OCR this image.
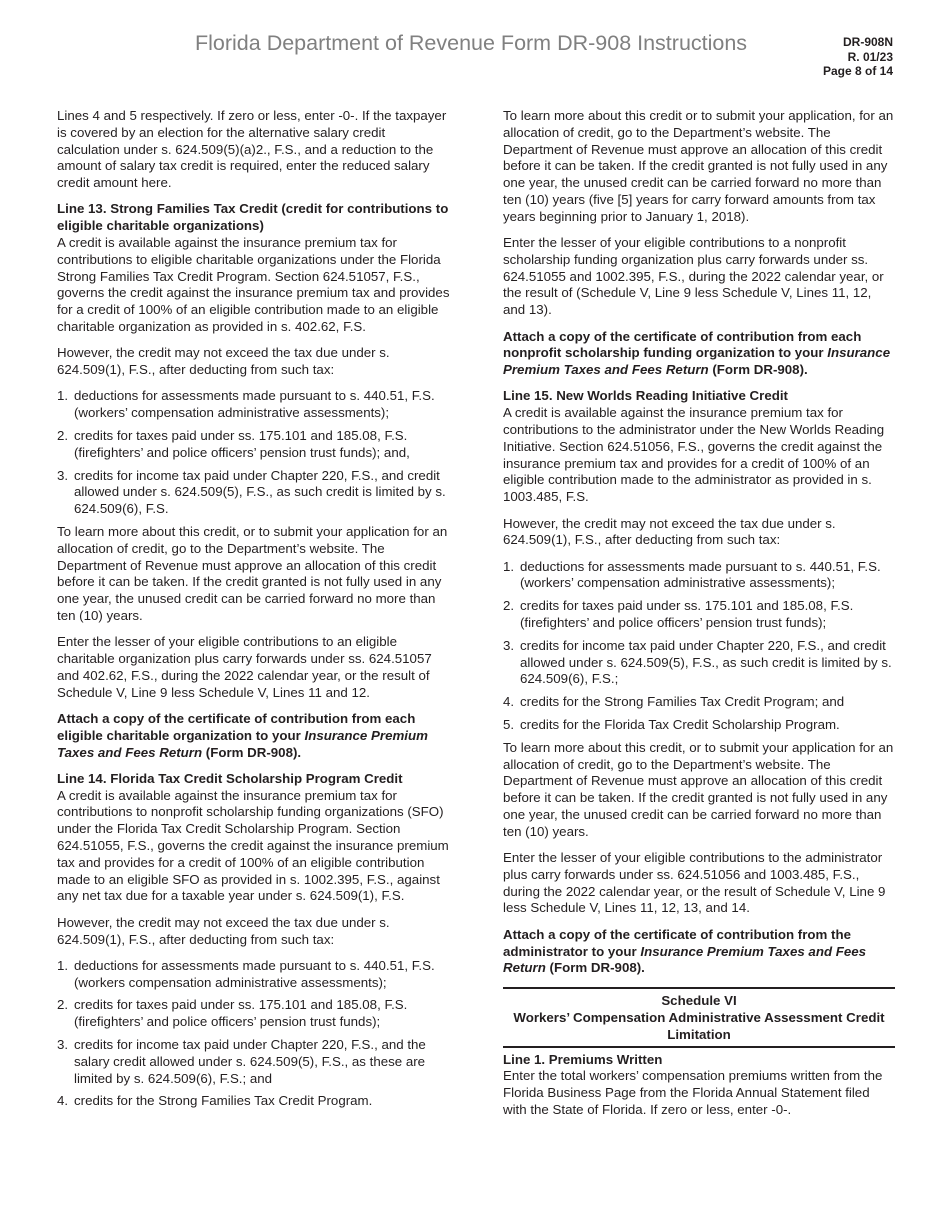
Florida Department of Revenue Form DR-908 Instructions	DR-908N
R. 01/23
Page 8 of 14

Lines 4 and 5 respectively. If zero or less, enter -0-. If the taxpayer is covered by an election for the alternative salary credit calculation under s. 624.509(5)(a)2., F.S., and a reduction to the amount of salary tax credit is required, enter the reduced salary credit amount here.

Line 13. Strong Families Tax Credit (credit for contributions to eligible charitable organizations)
A credit is available against the insurance premium tax for contributions to eligible charitable organizations under the Florida Strong Families Tax Credit Program. Section 624.51057, F.S., governs the credit against the insurance premium tax and provides for a credit of 100% of an eligible contribution made to an eligible charitable organization as provided in s. 402.62, F.S.

However, the credit may not exceed the tax due under s. 624.509(1), F.S., after deducting from such tax:

1. deductions for assessments made pursuant to s. 440.51, F.S. (workers’ compensation administrative assessments);
2. credits for taxes paid under ss. 175.101 and 185.08, F.S. (firefighters’ and police officers’ pension trust funds); and,
3. credits for income tax paid under Chapter 220, F.S., and credit allowed under s. 624.509(5), F.S., as such credit is limited by s. 624.509(6), F.S.

To learn more about this credit, or to submit your application for an allocation of credit, go to the Department’s website. The Department of Revenue must approve an allocation of this credit before it can be taken. If the credit granted is not fully used in any one year, the unused credit can be carried forward no more than ten (10) years.

Enter the lesser of your eligible contributions to an eligible charitable organization plus carry forwards under ss. 624.51057 and 402.62, F.S., during the 2022 calendar year, or the result of Schedule V, Line 9 less Schedule V, Lines 11 and 12.

Attach a copy of the certificate of contribution from each eligible charitable organization to your Insurance Premium Taxes and Fees Return (Form DR-908).

Line 14. Florida Tax Credit Scholarship Program Credit
A credit is available against the insurance premium tax for contributions to nonprofit scholarship funding organizations (SFO) under the Florida Tax Credit Scholarship Program. Section 624.51055, F.S., governs the credit against the insurance premium tax and provides for a credit of 100% of an eligible contribution made to an eligible SFO as provided in s. 1002.395, F.S., against any net tax due for a taxable year under s. 624.509(1), F.S.

However, the credit may not exceed the tax due under s. 624.509(1), F.S., after deducting from such tax:

1. deductions for assessments made pursuant to s. 440.51, F.S. (workers compensation administrative assessments);
2. credits for taxes paid under ss. 175.101 and 185.08, F.S. (firefighters’ and police officers’ pension trust funds);
3. credits for income tax paid under Chapter 220, F.S., and the salary credit allowed under s. 624.509(5), F.S., as these are limited by s. 624.509(6), F.S.; and
4. credits for the Strong Families Tax Credit Program.

To learn more about this credit or to submit your application, for an allocation of credit, go to the Department’s website. The Department of Revenue must approve an allocation of this credit before it can be taken. If the credit granted is not fully used in any one year, the unused credit can be carried forward no more than ten (10) years (five [5] years for carry forward amounts from tax years beginning prior to January 1, 2018).

Enter the lesser of your eligible contributions to a nonprofit scholarship funding organization plus carry forwards under ss. 624.51055 and 1002.395, F.S., during the 2022 calendar year, or the result of (Schedule V, Line 9 less Schedule V, Lines 11, 12, and 13).

Attach a copy of the certificate of contribution from each nonprofit scholarship funding organization to your Insurance Premium Taxes and Fees Return (Form DR-908).

Line 15. New Worlds Reading Initiative Credit
A credit is available against the insurance premium tax for contributions to the administrator under the New Worlds Reading Initiative. Section 624.51056, F.S., governs the credit against the insurance premium tax and provides for a credit of 100% of an eligible contribution made to the administrator as provided in s. 1003.485, F.S.

However, the credit may not exceed the tax due under s. 624.509(1), F.S., after deducting from such tax:

1. deductions for assessments made pursuant to s. 440.51, F.S. (workers’ compensation administrative assessments);
2. credits for taxes paid under ss. 175.101 and 185.08, F.S. (firefighters’ and police officers’ pension trust funds);
3. credits for income tax paid under Chapter 220, F.S., and credit allowed under s. 624.509(5), F.S., as such credit is limited by s. 624.509(6), F.S.;
4. credits for the Strong Families Tax Credit Program; and
5. credits for the Florida Tax Credit Scholarship Program.

To learn more about this credit, or to submit your application for an allocation of credit, go to the Department’s website. The Department of Revenue must approve an allocation of this credit before it can be taken. If the credit granted is not fully used in any one year, the unused credit can be carried forward no more than ten (10) years.

Enter the lesser of your eligible contributions to the administrator plus carry forwards under ss. 624.51056 and 1003.485, F.S., during the 2022 calendar year, or the result of Schedule V, Line 9 less Schedule V, Lines 11, 12, 13, and 14.

Attach a copy of the certificate of contribution from the administrator to your Insurance Premium Taxes and Fees Return (Form DR-908).

Schedule VI
Workers’ Compensation Administrative Assessment Credit
Limitation
Line 1. Premiums Written
Enter the total workers’ compensation premiums written from the Florida Business Page from the Florida Annual Statement filed with the State of Florida. If zero or less, enter -0-.
